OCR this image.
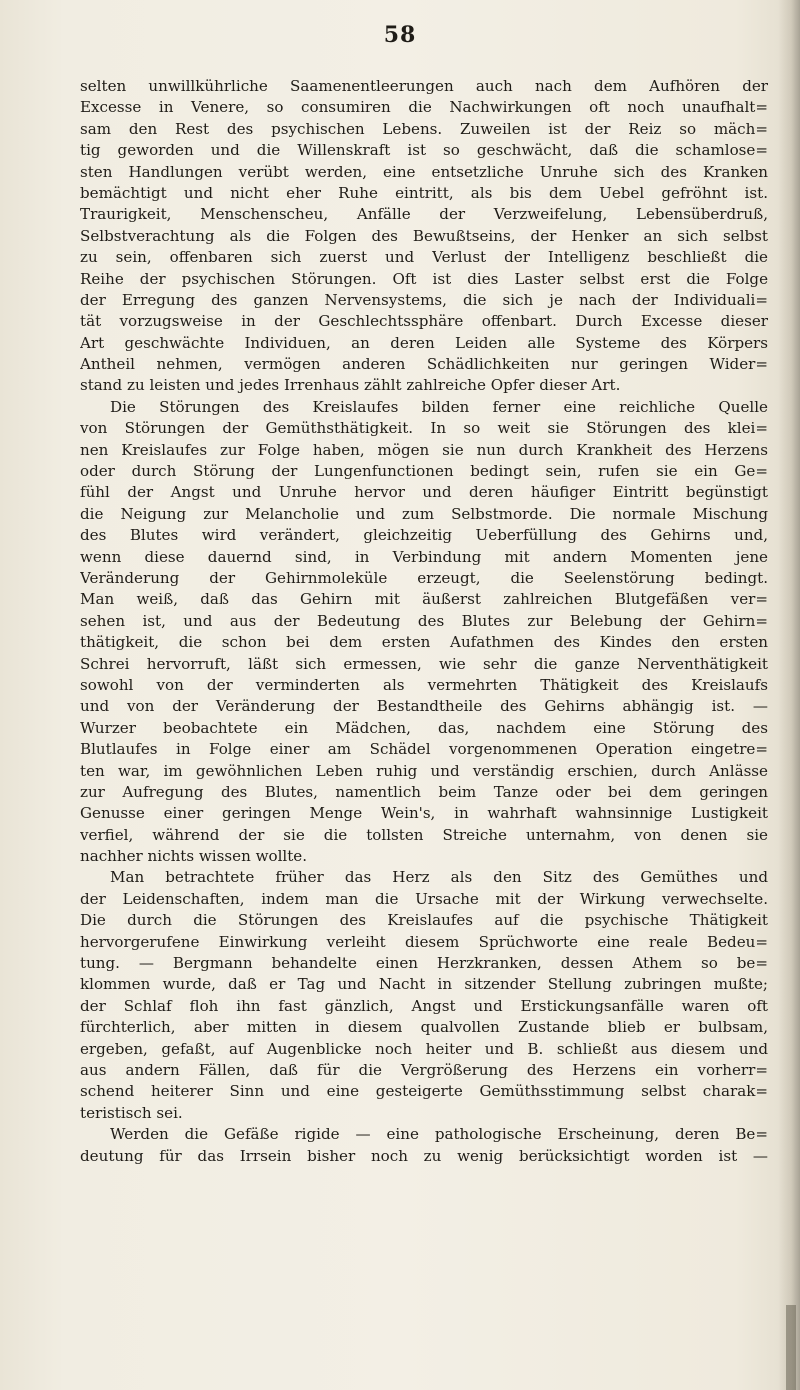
58
selten unwillkührliche Saamenentleerungen auch nach dem Aufhören der
Excesse in Venere, so consumiren die Nachwirkungen oft noch unaufhalt=
sam den Rest des psychischen Lebens. Zuweilen ist der Reiz so mäch=
tig geworden und die Willenskraft ist so geschwächt, daß die schamlose=
sten Handlungen verübt werden, eine entsetzliche Unruhe sich des Kranken
bemächtigt und nicht eher Ruhe eintritt, als bis dem Uebel gefröhnt ist.
Traurigkeit, Menschenscheu, Anfälle der Verzweifelung, Lebensüberdruß,
Selbstverachtung als die Folgen des Bewußtseins, der Henker an sich selbst
zu sein, offenbaren sich zuerst und Verlust der Intelligenz beschließt die
Reihe der psychischen Störungen. Oft ist dies Laster selbst erst die Folge
der Erregung des ganzen Nervensystems, die sich je nach der Individuali=
tät vorzugsweise in der Geschlechtssphäre offenbart. Durch Excesse dieser
Art geschwächte Individuen, an deren Leiden alle Systeme des Körpers
Antheil nehmen, vermögen anderen Schädlichkeiten nur geringen Wider=
stand zu leisten und jedes Irrenhaus zählt zahlreiche Opfer dieser Art.
Die Störungen des Kreislaufes bilden ferner eine reichliche Quelle
von Störungen der Gemüthsthätigkeit. In so weit sie Störungen des klei=
nen Kreislaufes zur Folge haben, mögen sie nun durch Krankheit des Herzens
oder durch Störung der Lungenfunctionen bedingt sein, rufen sie ein Ge=
fühl der Angst und Unruhe hervor und deren häufiger Eintritt begünstigt
die Neigung zur Melancholie und zum Selbstmorde. Die normale Mischung
des Blutes wird verändert, gleichzeitig Ueberfüllung des Gehirns und,
wenn diese dauernd sind, in Verbindung mit andern Momenten jene
Veränderung der Gehirnmoleküle erzeugt, die Seelenstörung bedingt.
Man weiß, daß das Gehirn mit äußerst zahlreichen Blutgefäßen ver=
sehen ist, und aus der Bedeutung des Blutes zur Belebung der Gehirn=
thätigkeit, die schon bei dem ersten Aufathmen des Kindes den ersten
Schrei hervorruft, läßt sich ermessen, wie sehr die ganze Nerventhätigkeit
sowohl von der verminderten als vermehrten Thätigkeit des Kreislaufs
und von der Veränderung der Bestandtheile des Gehirns abhängig ist. —
Wurzer beobachtete ein Mädchen, das, nachdem eine Störung des
Blutlaufes in Folge einer am Schädel vorgenommenen Operation eingetre=
ten war, im gewöhnlichen Leben ruhig und verständig erschien, durch Anlässe
zur Aufregung des Blutes, namentlich beim Tanze oder bei dem geringen
Genusse einer geringen Menge Wein's, in wahrhaft wahnsinnige Lustigkeit
verfiel, während der sie die tollsten Streiche unternahm, von denen sie
nachher nichts wissen wollte.
Man betrachtete früher das Herz als den Sitz des Gemüthes und
der Leidenschaften, indem man die Ursache mit der Wirkung verwechselte.
Die durch die Störungen des Kreislaufes auf die psychische Thätigkeit
hervorgerufene Einwirkung verleiht diesem Sprüchworte eine reale Bedeu=
tung. — Bergmann behandelte einen Herzkranken, dessen Athem so be=
klommen wurde, daß er Tag und Nacht in sitzender Stellung zubringen mußte;
der Schlaf floh ihn fast gänzlich, Angst und Erstickungsanfälle waren oft
fürchterlich, aber mitten in diesem qualvollen Zustande blieb er bulbsam,
ergeben, gefaßt, auf Augenblicke noch heiter und B. schließt aus diesem und
aus andern Fällen, daß für die Vergrößerung des Herzens ein vorherr=
schend heiterer Sinn und eine gesteigerte Gemüthsstimmung selbst charak=
teristisch sei.
Werden die Gefäße rigide — eine pathologische Erscheinung, deren Be=
deutung für das Irrsein bisher noch zu wenig berücksichtigt worden ist —
